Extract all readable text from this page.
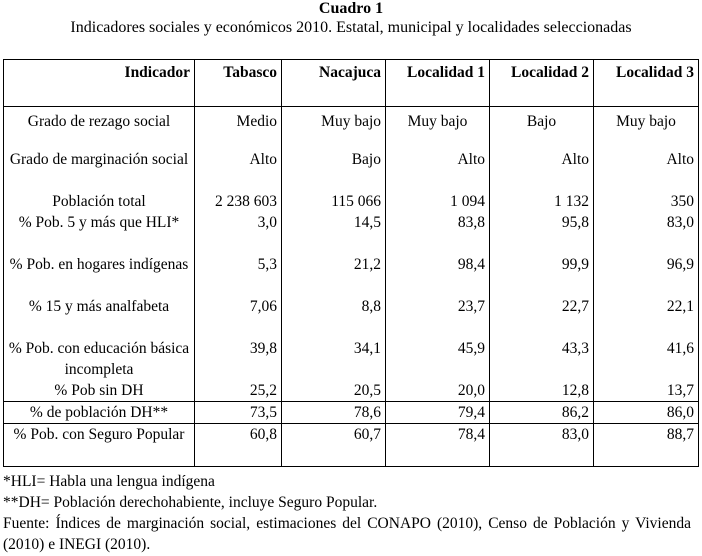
Cuadro 1
Indicadores sociales y económicos 2010. Estatal, municipal y localidades seleccionadas
Indicador	Tabasco	Nacajuca	Localidad 1	Localidad 2	Localidad 3
Grado de rezago social	Medio	Muy bajo	Muy bajo	Bajo	Muy bajo
Grado de marginación social	Alto	Bajo	Alto	Alto	Alto
Población total	2 238 603	115 066	1 094	1 132	350
% Pob. 5 y más que HLI*	3,0	14,5	83,8	95,8	83,0
% Pob. en hogares indígenas	5,3	21,2	98,4	99,9	96,9
% 15 y más analfabeta	7,06	8,8	23,7	22,7	22,1
% Pob. con educación básica incompleta	39,8	34,1	45,9	43,3	41,6
% Pob sin DH	25,2	20,5	20,0	12,8	13,7
% de población DH**	73,5	78,6	79,4	86,2	86,0
% Pob. con Seguro Popular	60,8	60,7	78,4	83,0	88,7
*HLI= Habla una lengua indígena
**DH= Población derechohabiente, incluye Seguro Popular.
Fuente: Índices de marginación social, estimaciones del CONAPO (2010), Censo de Población y Vivienda (2010) e INEGI (2010).
